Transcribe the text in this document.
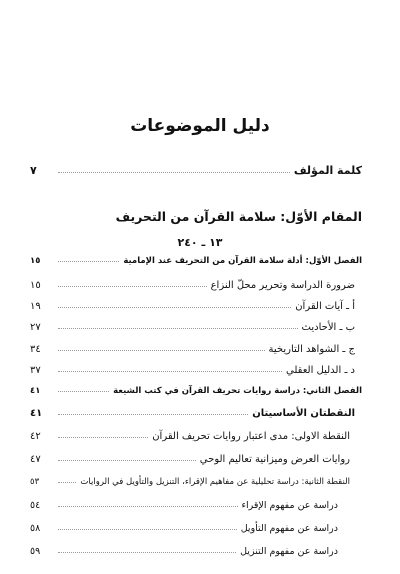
دليل الموضوعات
كلمة المؤلف
٧
المقام الأوّل: سلامة القرآن من التحريف
١٣ ـ ٢٤٠
الفصل الأوّل: أدلة سلامة القرآن من التحريف عند الإمامية
١٥
ضرورة الدراسة وتحرير محلّ النزاع
١٥
أ ـ آيات القرآن
١٩
ب ـ الأحاديث
٢٧
ج ـ الشواهد التاريخية
٣٤
د ـ الدليل العقلي
٣٧
الفصل الثاني: دراسة روايات تحريف القرآن في كتب الشيعة
٤١
النقطتان الأساسيتان
٤١
النقطة الاولى: مدى اعتبار روايات تحريف القرآن
٤٢
روايات العرض وميزانية تعاليم الوحي
٤٧
النقطة الثانية: دراسة تحليلية عن مفاهيم الإقراء، التنزيل والتأويل في الروايات
٥٣
دراسة عن مفهوم الإقراء
٥٤
دراسة عن مفهوم التأويل
٥٨
دراسة عن مفهوم التنزيل
٥٩
